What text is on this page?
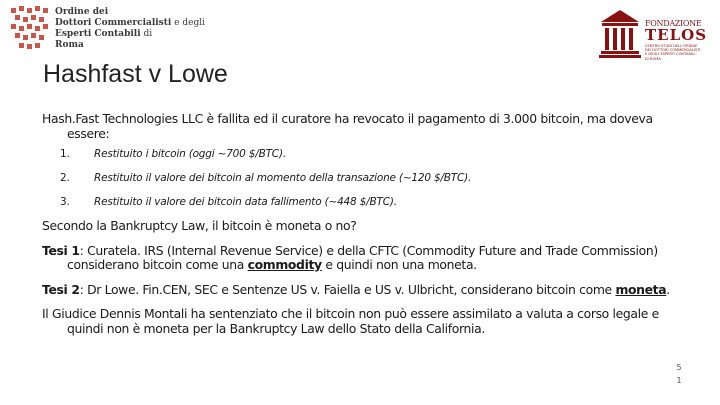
Ordine dei
Dottori Commercialisti e degli
Esperti Contabili di
Roma
FONDAZIONE
TELOS
CENTRO STUDI DELL'ORDINE
DEI DOTTORI COMMERCIALISTI
E DEGLI ESPERTI CONTABILI
DI ROMA
Hashfast v Lowe
Hash.Fast Technologies LLC è fallita ed il curatore ha revocato il pagamento di 3.000 bitcoin, ma doveva essere:
1. Restituito i bitcoin (oggi ~700 $/BTC).
2. Restituito il valore dei bitcoin al momento della transazione (~120 $/BTC).
3. Restituito il valore dei bitcoin data fallimento (~448 $/BTC).
Secondo la Bankruptcy Law, il bitcoin è moneta o no?
Tesi 1: Curatela. IRS (Internal Revenue Service) e della CFTC (Commodity Future and Trade Commission) considerano bitcoin come una commodity e quindi non una moneta.
Tesi 2: Dr Lowe. Fin.CEN, SEC e Sentenze US v. Faiella e US v. Ulbricht, considerano bitcoin come moneta.
Il Giudice Dennis Montali ha sentenziato che il bitcoin non può essere assimilato a valuta a corso legale e quindi non è moneta per la Bankruptcy Law dello Stato della California.
5
1
